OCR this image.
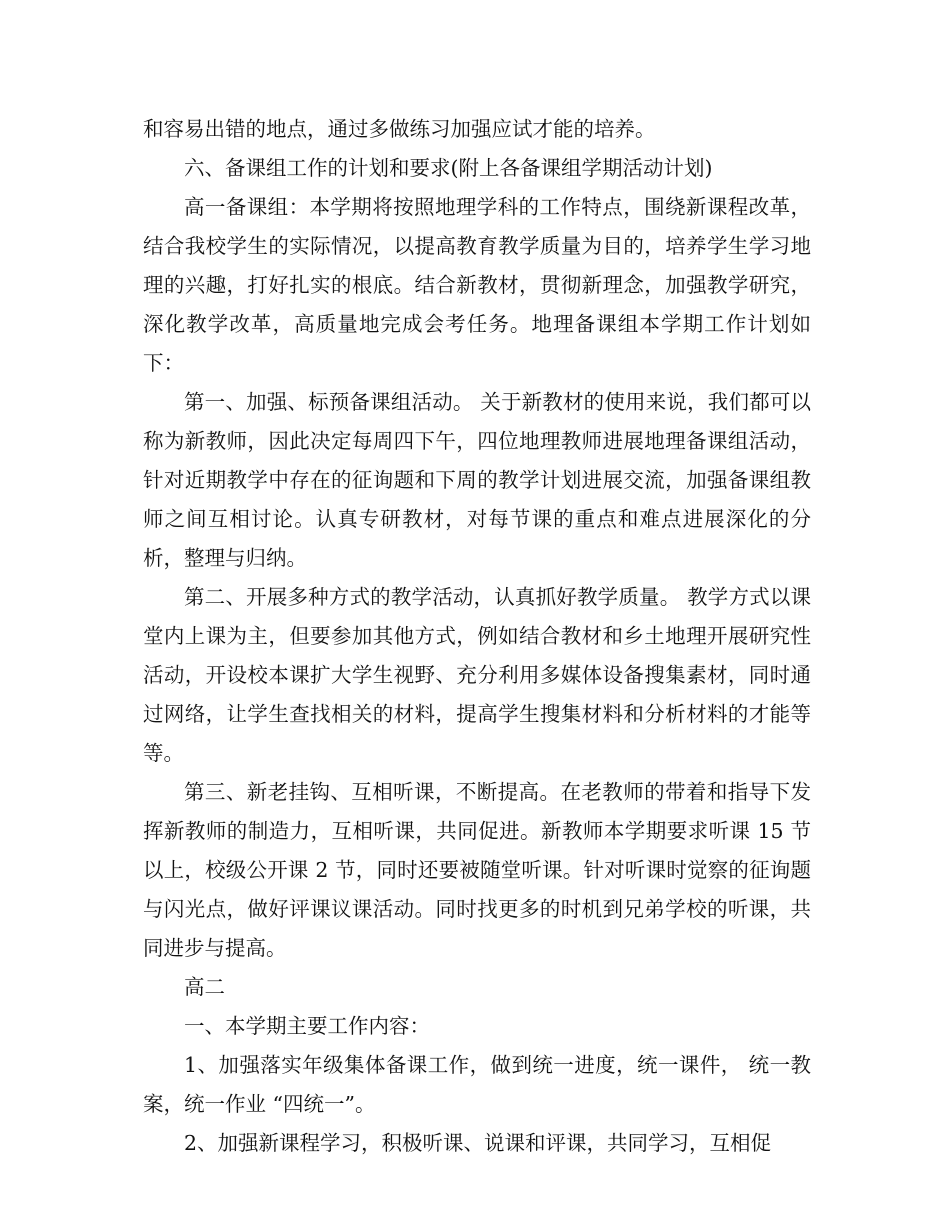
和容易出错的地点，通过多做练习加强应试才能的培养。

六、备课组工作的计划和要求(附上各备课组学期活动计划)

高一备课组：本学期将按照地理学科的工作特点，围绕新课程改革，结合我校学生的实际情况，以提高教育教学质量为目的，培养学生学习地理的兴趣，打好扎实的根底。结合新教材，贯彻新理念，加强教学研究，深化教学改革，高质量地完成会考任务。地理备课组本学期工作计划如下：

第一、加强、标预备课组活动。 关于新教材的使用来说，我们都可以称为新教师，因此决定每周四下午，四位地理教师进展地理备课组活动，针对近期教学中存在的征询题和下周的教学计划进展交流，加强备课组教师之间互相讨论。认真专研教材，对每节课的重点和难点进展深化的分析，整理与归纳。

第二、开展多种方式的教学活动，认真抓好教学质量。 教学方式以课堂内上课为主，但要参加其他方式，例如结合教材和乡土地理开展研究性活动，开设校本课扩大学生视野、充分利用多媒体设备搜集素材，同时通过网络，让学生查找相关的材料，提高学生搜集材料和分析材料的才能等等。

第三、新老挂钩、互相听课，不断提高。在老教师的带着和指导下发挥新教师的制造力，互相听课，共同促进。新教师本学期要求听课 15 节以上，校级公开课 2 节，同时还要被随堂听课。针对听课时觉察的征询题与闪光点，做好评课议课活动。同时找更多的时机到兄弟学校的听课，共同进步与提高。

高二

一、本学期主要工作内容：

1、加强落实年级集体备课工作，做到统一进度，统一课件， 统一教案，统一作业 “四统一”。

2、加强新课程学习，积极听课、说课和评课，共同学习，互相促
